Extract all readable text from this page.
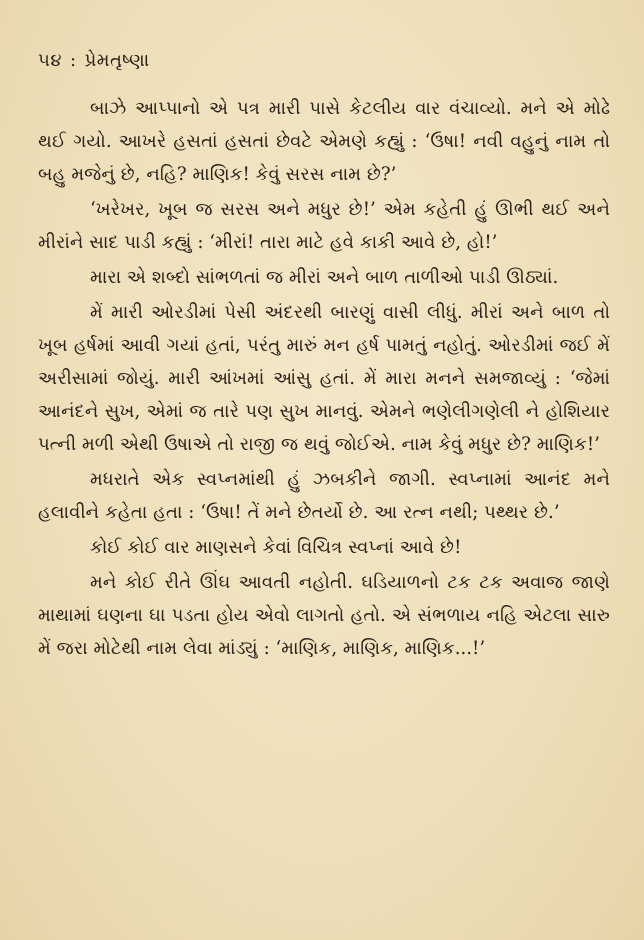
૫૪ : પ્રેમતૃષ્ણા

બાઝે આપ્પાનો એ પત્ર મારી પાસે કેટલીય વાર વંચાવ્યો. મને એ મોઢે થઈ ગયો. આખરે હસતાં હસતાં છેવટે એમણે કહ્યું : ‘ઉષા! નવી વહુનું નામ તો બહુ મજેનું છે, નહિ? માણિક! કેવું સરસ નામ છે?’

‘ખરેખર, ખૂબ જ સરસ અને મધુર છે!’ એમ કહેતી હું ઊભી થઈ અને મીરાંને સાદ પાડી કહ્યું : ‘મીરાં! તારા માટે હવે કાકી આવે છે, હો!’

મારા એ શબ્દો સાંભળતાં જ મીરાં અને બાળ તાળીઓ પાડી ઊઠ્યાં.

મેં મારી ઓરડીમાં પેસી અંદરથી બારણું વાસી લીધું. મીરાં અને બાળ તો ખૂબ હર્ષમાં આવી ગયાં હતાં, પરંતુ મારું મન હર્ષ પામતું નહોતું. ઓરડીમાં જઈ મેં અરીસામાં જોયું. મારી આંખમાં આંસુ હતાં. મેં મારા મનને સમજાવ્યું : ‘જેમાં આનંદને સુખ, એમાં જ તારે પણ સુખ માનવું. એમને ભણેલીગણેલી ને હોશિયાર પત્ની મળી એથી ઉષાએ તો રાજી જ થવું જોઈએ. નામ કેવું મધુર છે? માણિક!’

મધરાતે એક સ્વપ્નમાંથી હું ઝબકીને જાગી. સ્વપ્નામાં આનંદ મને હલાવીને કહેતા હતા : ‘ઉષા! તેં મને છેતર્યો છે. આ રત્ન નથી; પથ્થર છે.’

કોઈ કોઈ વાર માણસને કેવાં વિચિત્ર સ્વપ્નાં આવે છે!

મને કોઈ રીતે ઊંઘ આવતી નહોતી. ઘડિયાળનો ટક ટક અવાજ જાણે માથામાં ઘણના ઘા પડતા હોય એવો લાગતો હતો. એ સંભળાય નહિ એટલા સારુ મેં જરા મોટેથી નામ લેવા માંડ્યું : ‘માણિક, માણિક, માણિક...!’
